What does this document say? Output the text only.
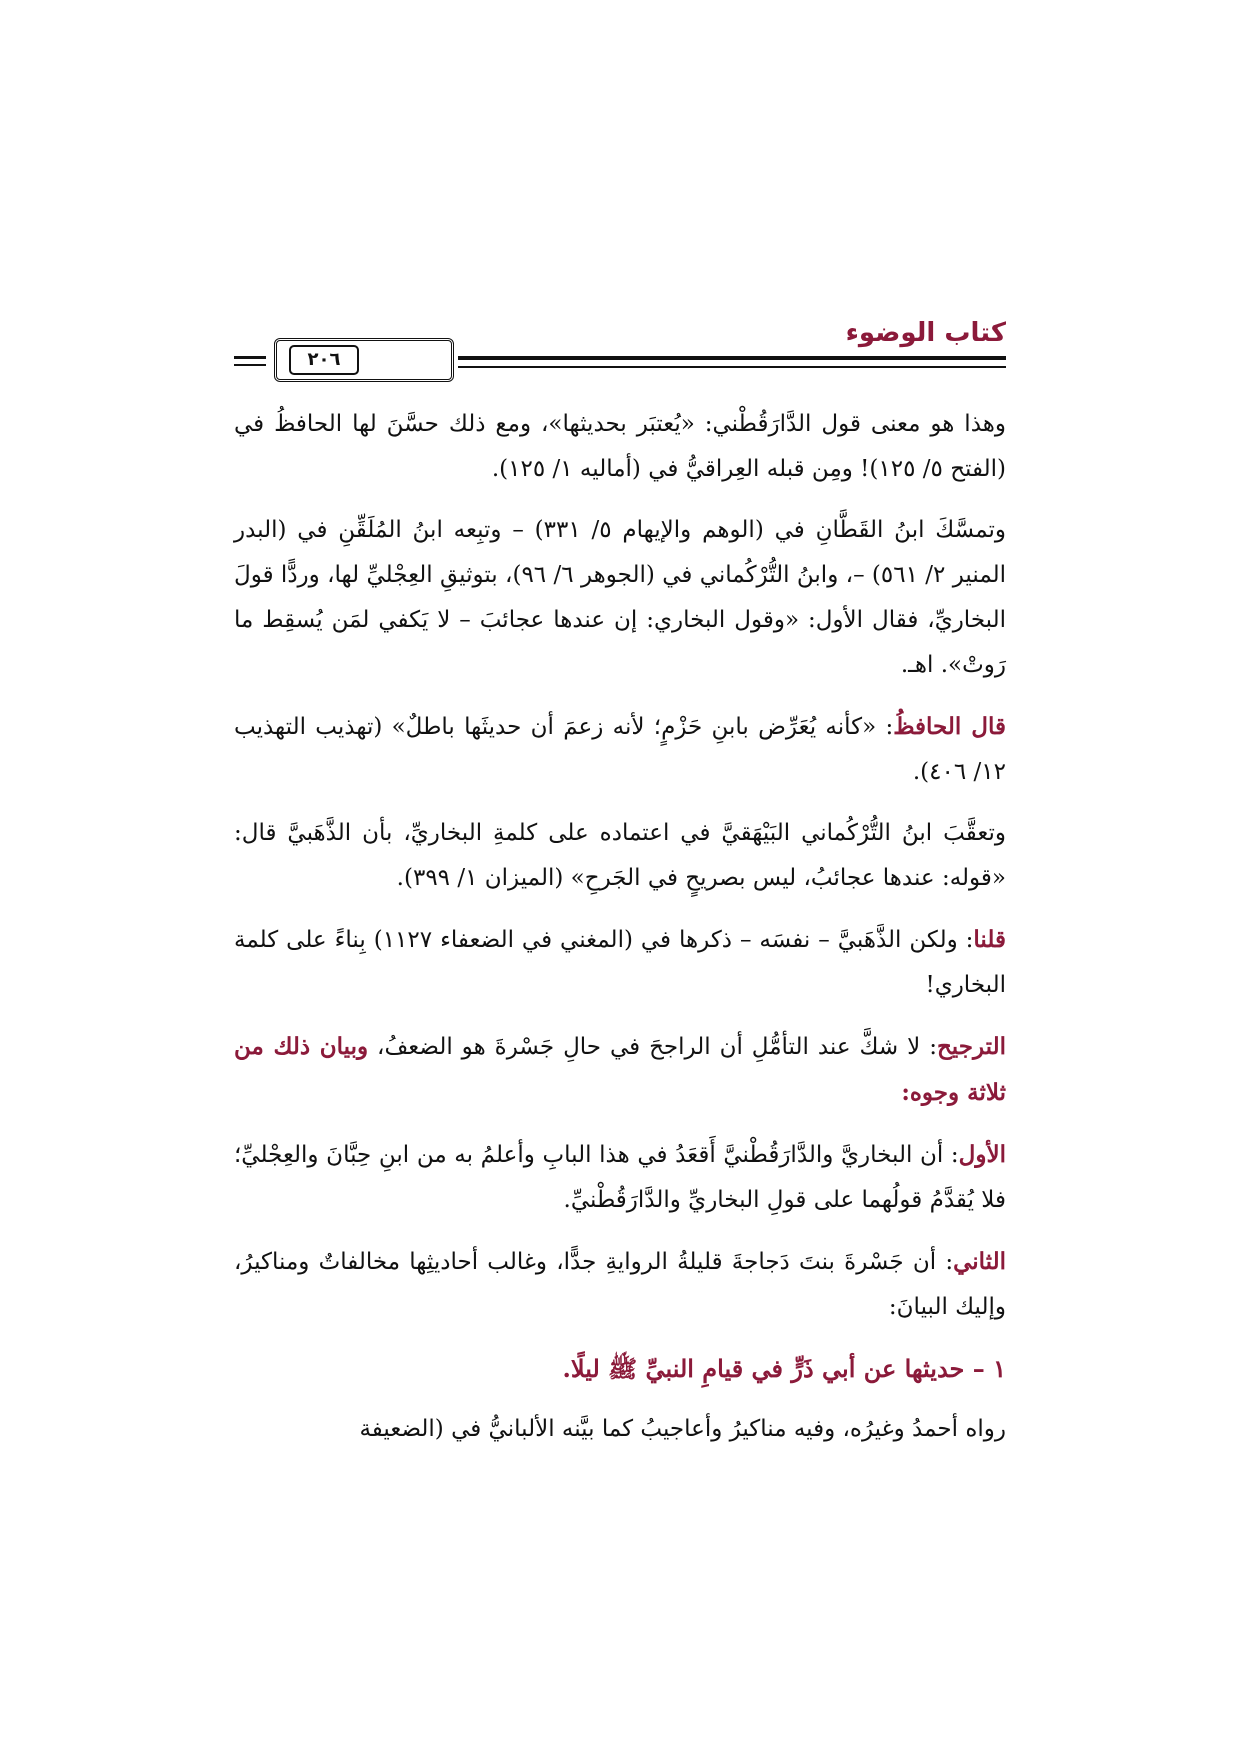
كتاب الوضوء
٢٠٦

وهذا هو معنى قول الدَّارَقُطْني: «يُعتبَر بحديثها»، ومع ذلك حسَّنَ لها الحافظُ في (الفتح ٥/ ١٢٥)! ومِن قبله العِراقيُّ في (أماليه ١/ ١٢٥).

وتمسَّكَ ابنُ القَطَّانِ في (الوهم والإيهام ٥/ ٣٣١) – وتبِعه ابنُ المُلَقِّنِ في (البدر المنير ٢/ ٥٦١) –، وابنُ التُّرْكُماني في (الجوهر ٦/ ٩٦)، بتوثيقِ العِجْليِّ لها، وردًّا قولَ البخاريِّ، فقال الأول: «وقول البخاري: إن عندها عجائبَ – لا يَكفي لمَن يُسقِط ما رَوتْ». اهـ.

قال الحافظُ: «كأنه يُعَرِّض بابنِ حَزْمٍ؛ لأنه زعمَ أن حديثَها باطلٌ» (تهذيب التهذيب ١٢/ ٤٠٦).

وتعقَّبَ ابنُ التُّرْكُماني البَيْهَقيَّ في اعتماده على كلمةِ البخاريِّ، بأن الذَّهَبيَّ قال: «قوله: عندها عجائبُ، ليس بصريحٍ في الجَرحِ» (الميزان ١/ ٣٩٩).

قلنا: ولكن الذَّهَبيَّ – نفسَه – ذكرها في (المغني في الضعفاء ١١٢٧) بِناءً على كلمة البخاري!

الترجيح: لا شكَّ عند التأمُّلِ أن الراجحَ في حالِ جَسْرةَ هو الضعفُ، وبيان ذلك من ثلاثة وجوه:

الأول: أن البخاريَّ والدَّارَقُطْنيَّ أَقعَدُ في هذا البابِ وأعلمُ به من ابنِ حِبَّانَ والعِجْليِّ؛ فلا يُقدَّمُ قولُهما على قولِ البخاريِّ والدَّارَقُطْنيِّ.

الثاني: أن جَسْرةَ بنتَ دَجاجةَ قليلةُ الروايةِ جدًّا، وغالب أحاديثِها مخالفاتٌ ومناكيرُ، وإليك البيانَ:

١ – حديثها عن أبي ذَرٍّ في قيامِ النبيِّ ﷺ ليلًا.

رواه أحمدُ وغيرُه، وفيه مناكيرُ وأعاجيبُ كما بيَّنه الألبانيُّ في (الضعيفة
